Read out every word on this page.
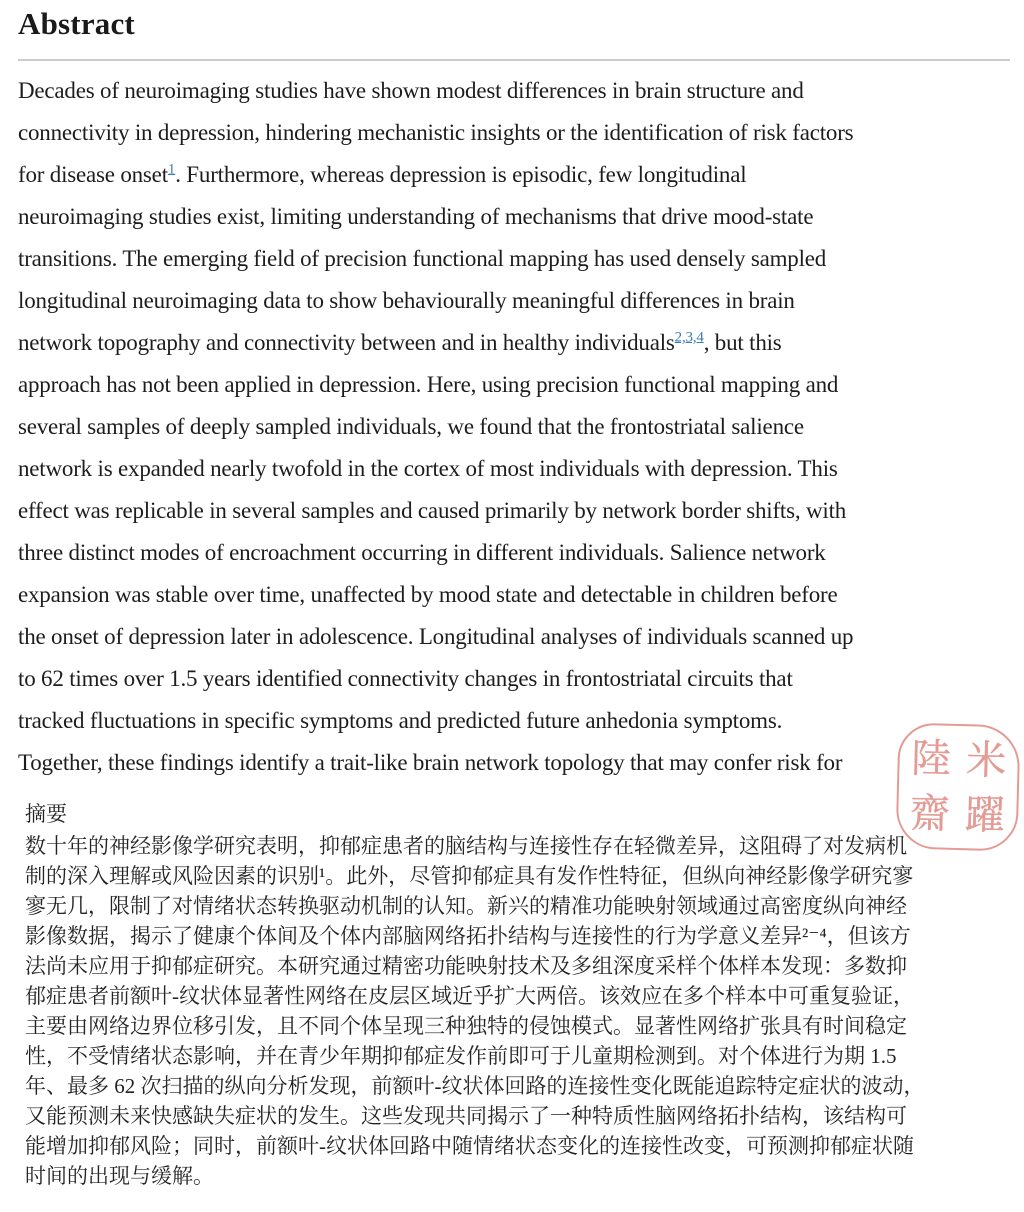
Abstract
Decades of neuroimaging studies have shown modest differences in brain structure and
connectivity in depression, hindering mechanistic insights or the identification of risk factors
for disease onset$^1$. Furthermore, whereas depression is episodic, few longitudinal
neuroimaging studies exist, limiting understanding of mechanisms that drive mood-state
transitions. The emerging field of precision functional mapping has used densely sampled
longitudinal neuroimaging data to show behaviourally meaningful differences in brain
network topography and connectivity between and in healthy individuals$^{2,3,4}$, but this
approach has not been applied in depression. Here, using precision functional mapping and
several samples of deeply sampled individuals, we found that the frontostriatal salience
network is expanded nearly twofold in the cortex of most individuals with depression. This
effect was replicable in several samples and caused primarily by network border shifts, with
three distinct modes of encroachment occurring in different individuals. Salience network
expansion was stable over time, unaffected by mood state and detectable in children before
the onset of depression later in adolescence. Longitudinal analyses of individuals scanned up
to 62 times over 1.5 years identified connectivity changes in frontostriatal circuits that
tracked fluctuations in specific symptoms and predicted future anhedonia symptoms.
Together, these findings identify a trait-like brain network topology that may confer risk for
摘要
数十年的神经影像学研究表明，抑郁症患者的脑结构与连接性存在轻微差异，这阻碍了对发病机
制的深入理解或风险因素的识别¹。此外，尽管抑郁症具有发作性特征，但纵向神经影像学研究寥
寥无几，限制了对情绪状态转换驱动机制的认知。新兴的精准功能映射领域通过高密度纵向神经
影像数据，揭示了健康个体间及个体内部脑网络拓扑结构与连接性的行为学意义差异²⁻⁴，但该方
法尚未应用于抑郁症研究。本研究通过精密功能映射技术及多组深度采样个体样本发现：多数抑
郁症患者前额叶-纹状体显著性网络在皮层区域近乎扩大两倍。该效应在多个样本中可重复验证，
主要由网络边界位移引发，且不同个体呈现三种独特的侵蚀模式。显著性网络扩张具有时间稳定
性，不受情绪状态影响，并在青少年期抑郁症发作前即可于儿童期检测到。对个体进行为期 1.5
年、最多 62 次扫描的纵向分析发现，前额叶-纹状体回路的连接性变化既能追踪特定症状的波动，
又能预测未来快感缺失症状的发生。这些发现共同揭示了一种特质性脑网络拓扑结构，该结构可
能增加抑郁风险；同时，前额叶-纹状体回路中随情绪状态变化的连接性改变，可预测抑郁症状随
时间的出现与缓解。
陸 米
齋 躍
